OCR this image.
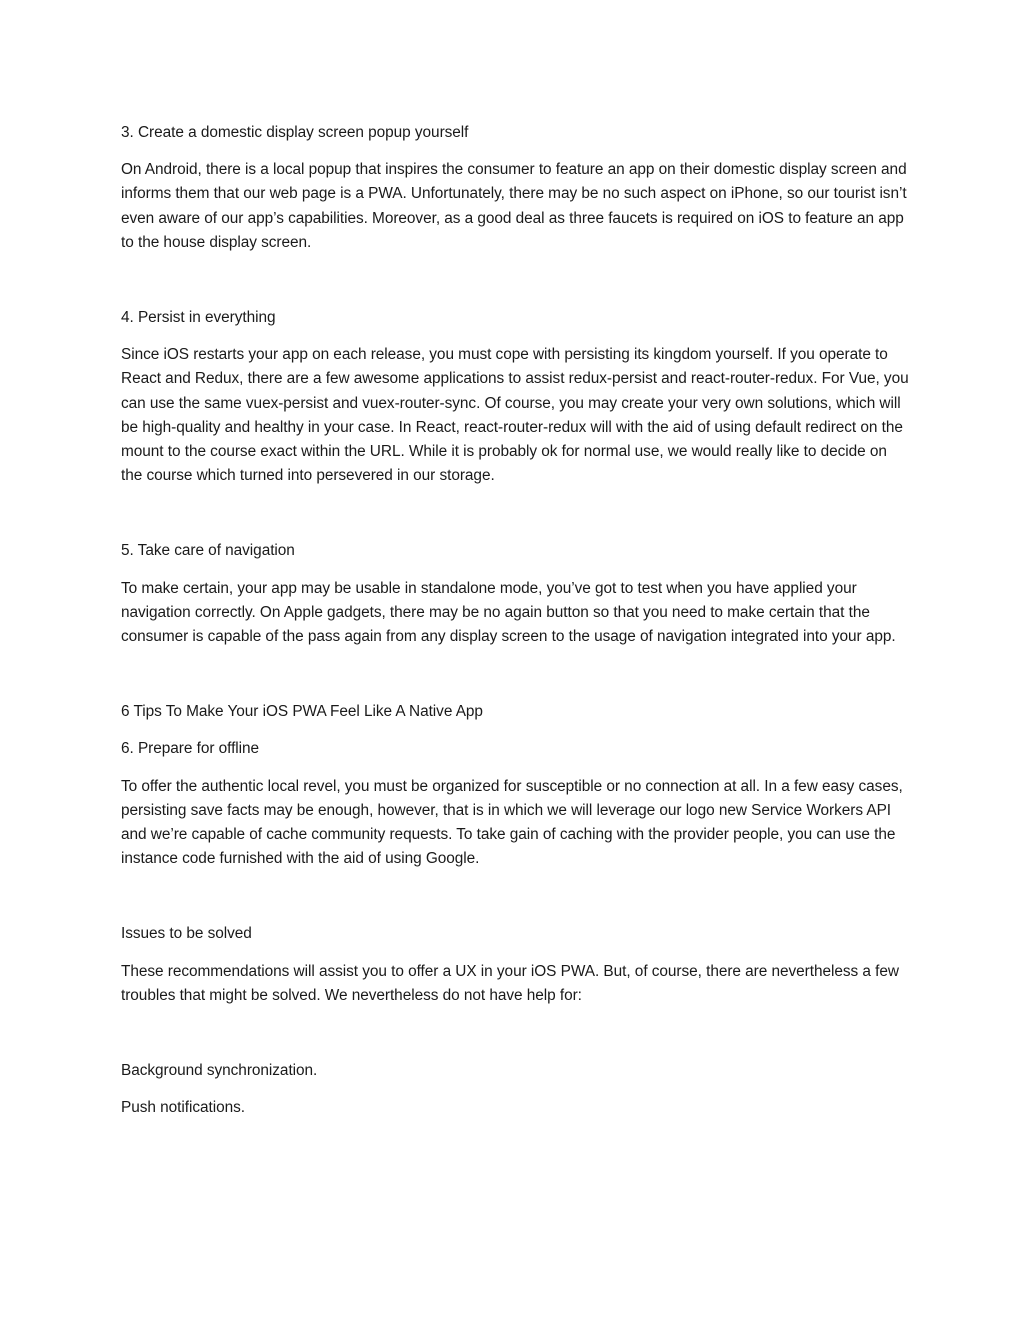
3. Create a domestic display screen popup yourself

On Android, there is a local popup that inspires the consumer to feature an app on their domestic display screen and informs them that our web page is a PWA. Unfortunately, there may be no such aspect on iPhone, so our tourist isn’t even aware of our app’s capabilities. Moreover, as a good deal as three faucets is required on iOS to feature an app to the house display screen.

4. Persist in everything

Since iOS restarts your app on each release, you must cope with persisting its kingdom yourself. If you operate to React and Redux, there are a few awesome applications to assist redux-persist and react-router-redux. For Vue, you can use the same vuex-persist and vuex-router-sync. Of course, you may create your very own solutions, which will be high-quality and healthy in your case. In React, react-router-redux will with the aid of using default redirect on the mount to the course exact within the URL. While it is probably ok for normal use, we would really like to decide on the course which turned into persevered in our storage.

5. Take care of navigation

To make certain, your app may be usable in standalone mode, you’ve got to test when you have applied your navigation correctly. On Apple gadgets, there may be no again button so that you need to make certain that the consumer is capable of the pass again from any display screen to the usage of navigation integrated into your app.

6 Tips To Make Your iOS PWA Feel Like A Native App

6. Prepare for offline

To offer the authentic local revel, you must be organized for susceptible or no connection at all. In a few easy cases, persisting save facts may be enough, however, that is in which we will leverage our logo new Service Workers API and we’re capable of cache community requests. To take gain of caching with the provider people, you can use the instance code furnished with the aid of using Google.

Issues to be solved

These recommendations will assist you to offer a UX in your iOS PWA. But, of course, there are nevertheless a few troubles that might be solved. We nevertheless do not have help for:

Background synchronization.

Push notifications.
